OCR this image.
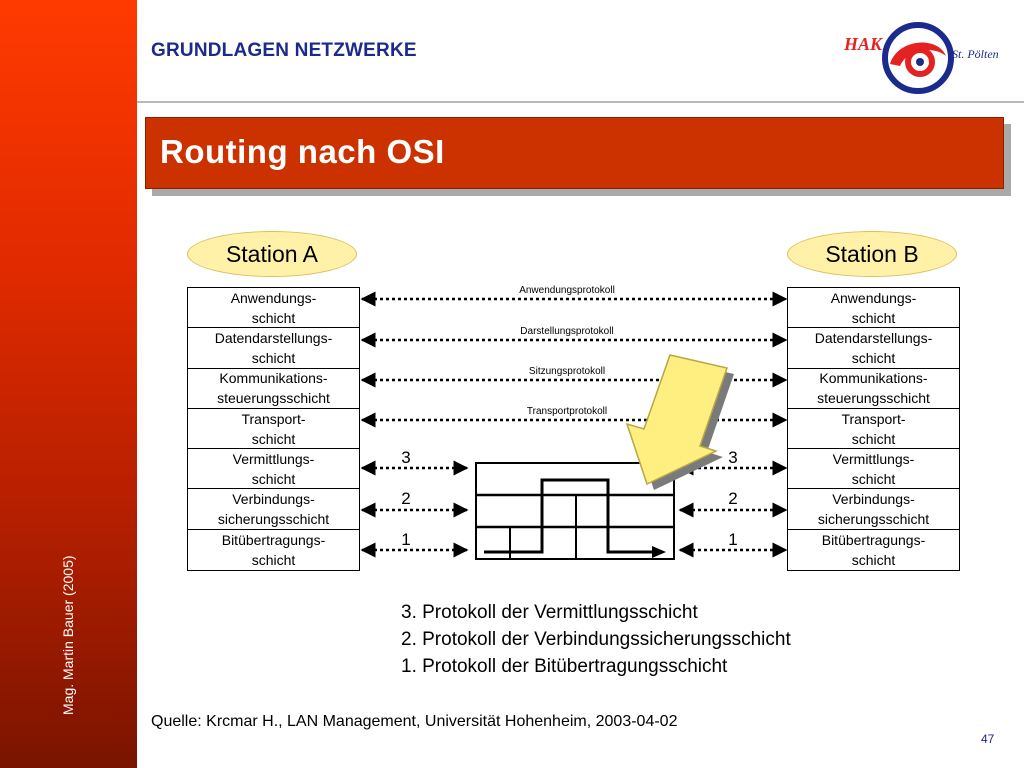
Mag. Martin Bauer (2005)
GRUNDLAGEN NETZWERKE	HAK	St. Pölten
Routing nach OSI
Station A	Station B
Anwendungs-
schicht
Datendarstellungs-
schicht
Kommunikations-
steuerungsschicht
Transport-
schicht
Vermittlungs-
schicht
Verbindungs-
sicherungsschicht
Bitübertragungs-
schicht
Anwendungs-
schicht
Datendarstellungs-
schicht
Kommunikations-
steuerungsschicht
Transport-
schicht
Vermittlungs-
schicht
Verbindungs-
sicherungsschicht
Bitübertragungs-
schicht
Anwendungsprotokoll
Darstellungsprotokoll
Sitzungsprotokoll
Transportprotokoll
3
2
1
3
2
1
3. Protokoll der Vermittlungsschicht
2. Protokoll der Verbindungssicherungsschicht
1. Protokoll der Bitübertragungsschicht
Quelle: Krcmar H., LAN Management, Universität Hohenheim, 2003-04-02
47
